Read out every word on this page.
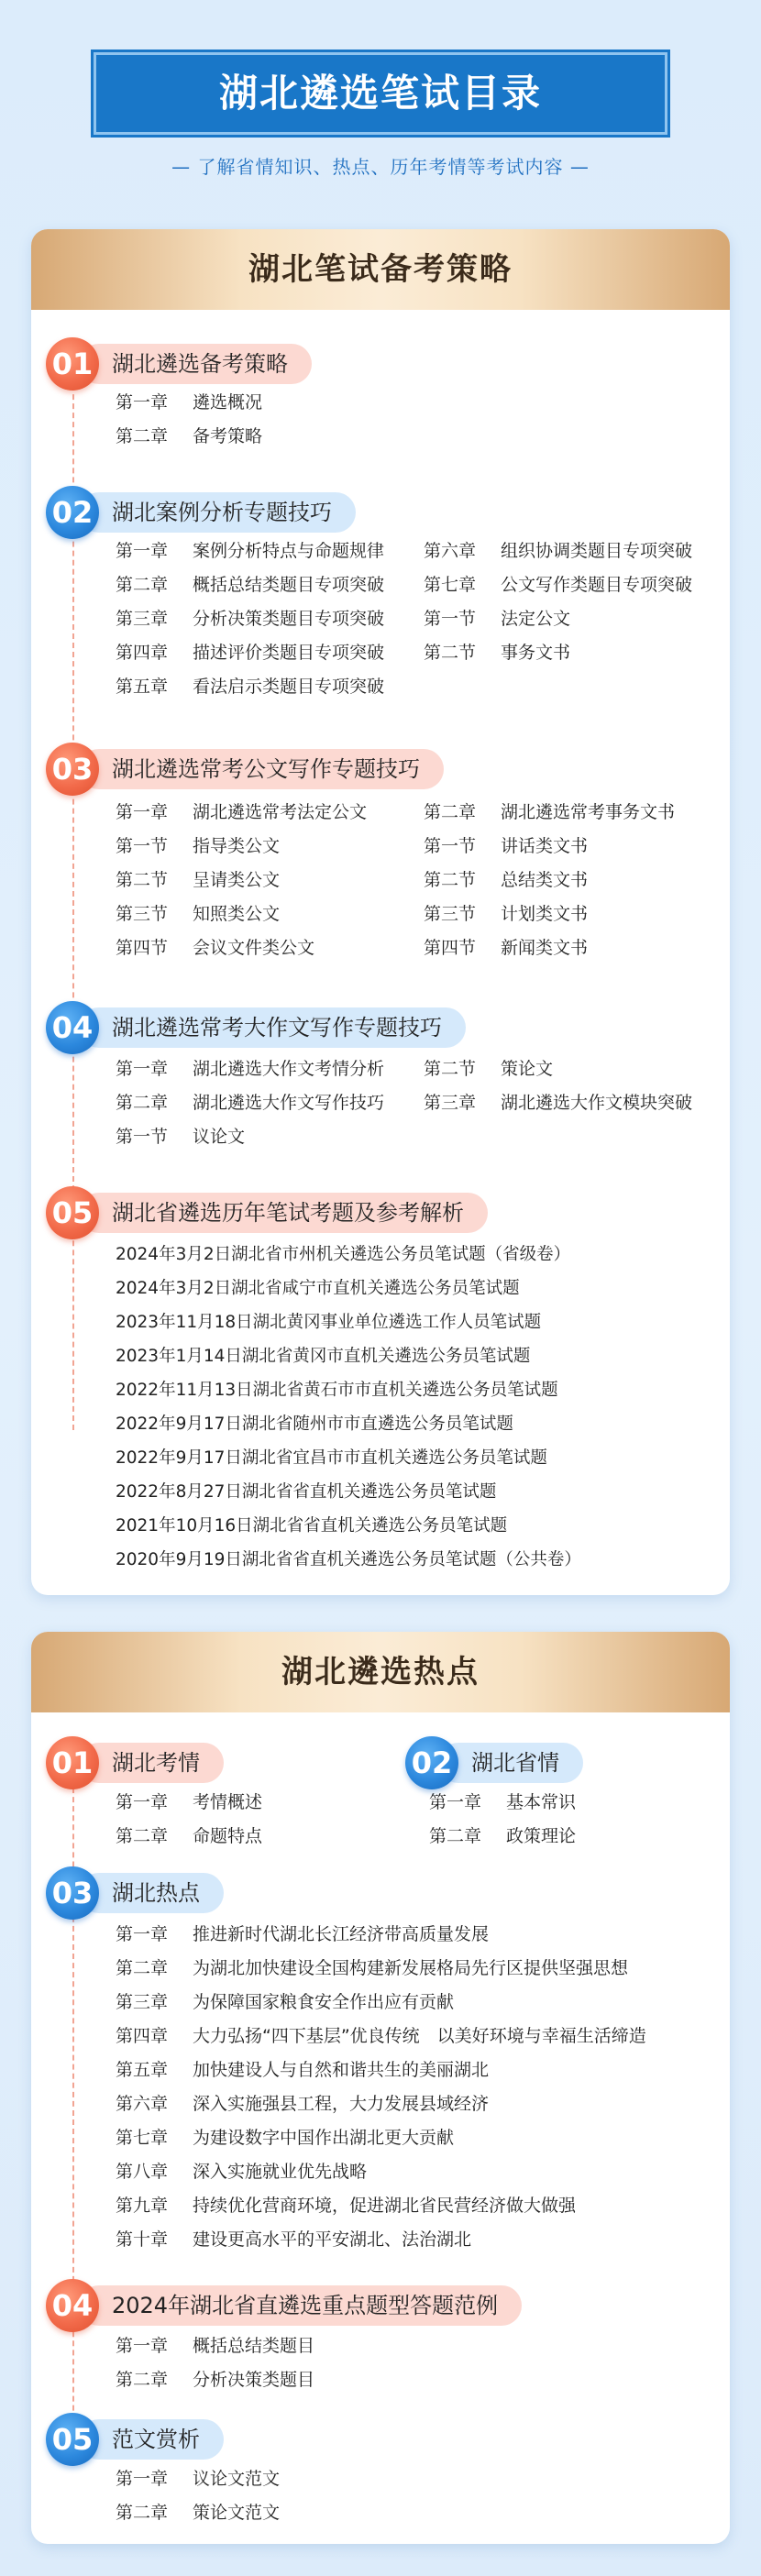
湖北遴选笔试目录
— 了解省情知识、热点、历年考情等考试内容 —
湖北笔试备考策略
01 湖北遴选备考策略
第一章 遴选概况
第二章 备考策略
02 湖北案例分析专题技巧
第一章 案例分析特点与命题规律
第二章 概括总结类题目专项突破
第三章 分析决策类题目专项突破
第四章 描述评价类题目专项突破
第五章 看法启示类题目专项突破
第六章 组织协调类题目专项突破
第七章 公文写作类题目专项突破
第一节 法定公文
第二节 事务文书
03 湖北遴选常考公文写作专题技巧
第一章 湖北遴选常考法定公文
第一节 指导类公文
第二节 呈请类公文
第三节 知照类公文
第四节 会议文件类公文
第二章 湖北遴选常考事务文书
第一节 讲话类文书
第二节 总结类文书
第三节 计划类文书
第四节 新闻类文书
04 湖北遴选常考大作文写作专题技巧
第一章 湖北遴选大作文考情分析
第二章 湖北遴选大作文写作技巧
第一节 议论文
第二节 策论文
第三章 湖北遴选大作文模块突破
05 湖北省遴选历年笔试考题及参考解析
2024年3月2日湖北省市州机关遴选公务员笔试题（省级卷）
2024年3月2日湖北省咸宁市直机关遴选公务员笔试题
2023年11月18日湖北黄冈事业单位遴选工作人员笔试题
2023年1月14日湖北省黄冈市直机关遴选公务员笔试题
2022年11月13日湖北省黄石市市直机关遴选公务员笔试题
2022年9月17日湖北省随州市市直遴选公务员笔试题
2022年9月17日湖北省宜昌市市直机关遴选公务员笔试题
2022年8月27日湖北省省直机关遴选公务员笔试题
2021年10月16日湖北省省直机关遴选公务员笔试题
2020年9月19日湖北省省直机关遴选公务员笔试题（公共卷）
湖北遴选热点
01 湖北考情
第一章 考情概述
第二章 命题特点
02 湖北省情
第一章 基本常识
第二章 政策理论
03 湖北热点
第一章 推进新时代湖北长江经济带高质量发展
第二章 为湖北加快建设全国构建新发展格局先行区提供坚强思想
第三章 为保障国家粮食安全作出应有贡献
第四章 大力弘扬“四下基层”优良传统　以美好环境与幸福生活缔造
第五章 加快建设人与自然和谐共生的美丽湖北
第六章 深入实施强县工程，大力发展县域经济
第七章 为建设数字中国作出湖北更大贡献
第八章 深入实施就业优先战略
第九章 持续优化营商环境，促进湖北省民营经济做大做强
第十章 建设更高水平的平安湖北、法治湖北
04 2024年湖北省直遴选重点题型答题范例
第一章 概括总结类题目
第二章 分析决策类题目
05 范文赏析
第一章 议论文范文
第二章 策论文范文
